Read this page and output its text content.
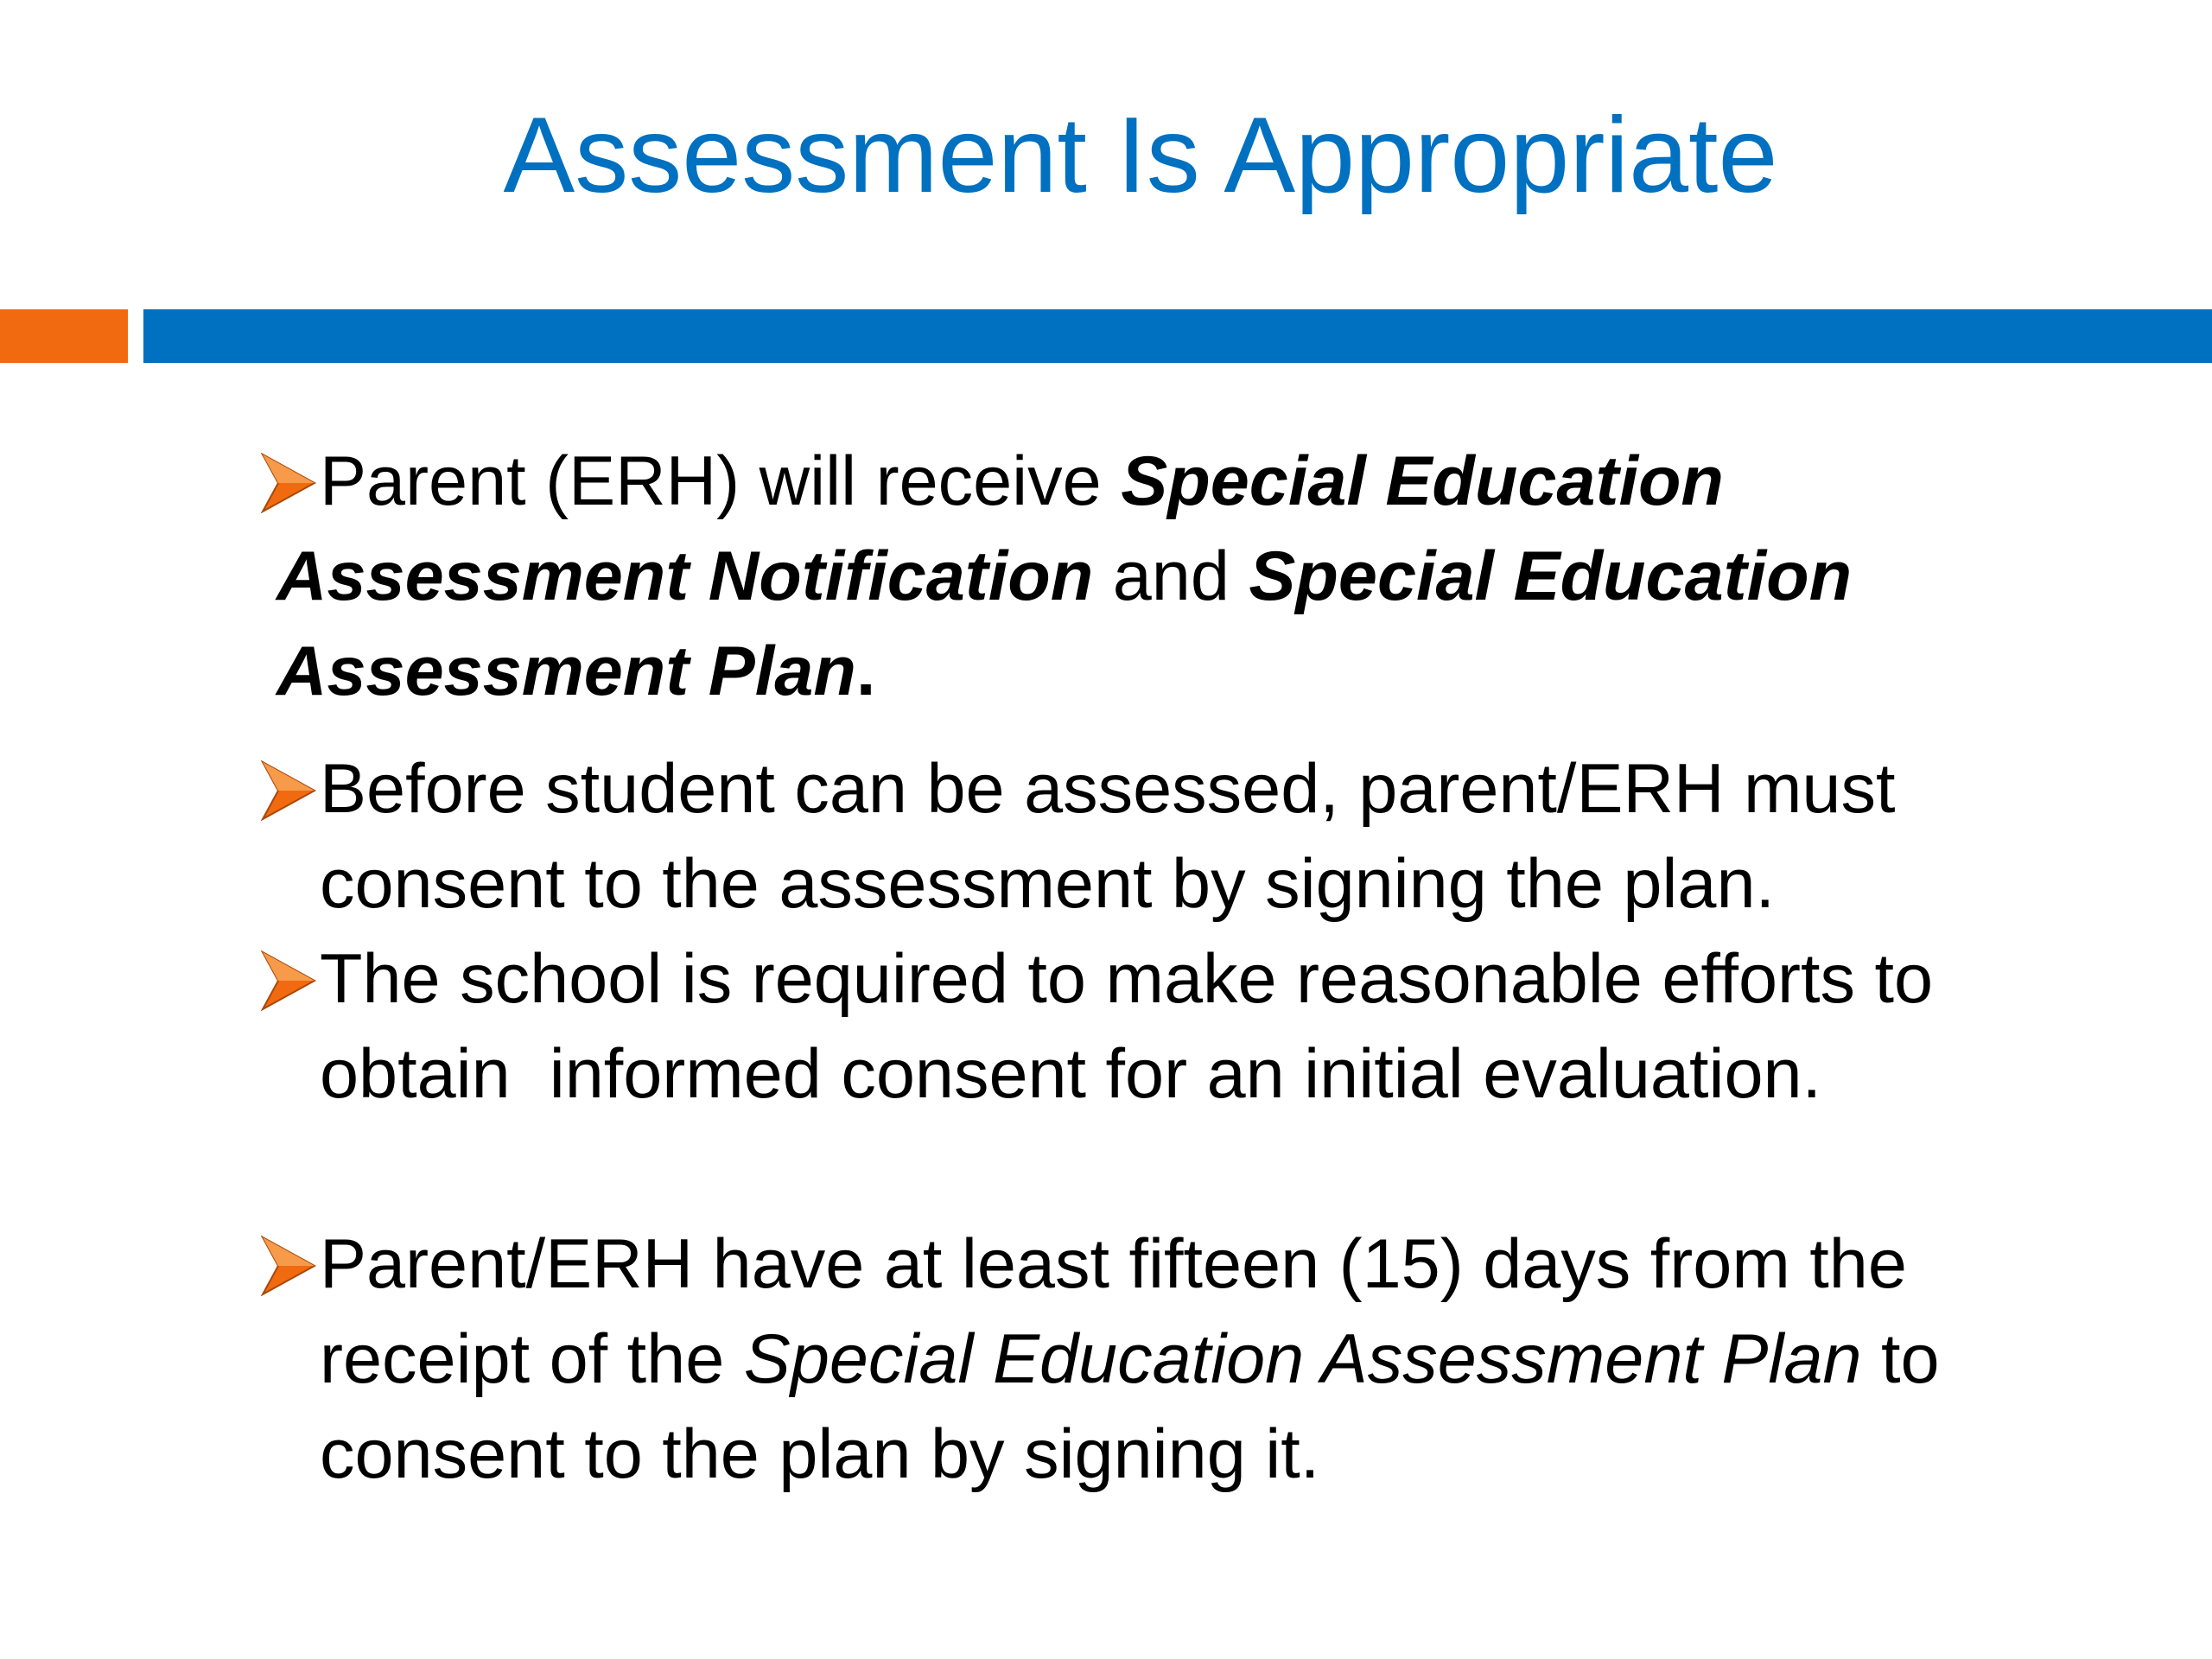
Assessment Is Appropriate
Parent (ERH) will receive Special Education Assessment Notification and Special Education Assessment Plan.
Before student can be assessed, parent/ERH must consent to the assessment by signing the plan.
The school is required to make reasonable efforts to obtain  informed consent for an initial evaluation.
Parent/ERH have at least fifteen (15) days from the receipt of the Special Education Assessment Plan to consent to the plan by signing it.
